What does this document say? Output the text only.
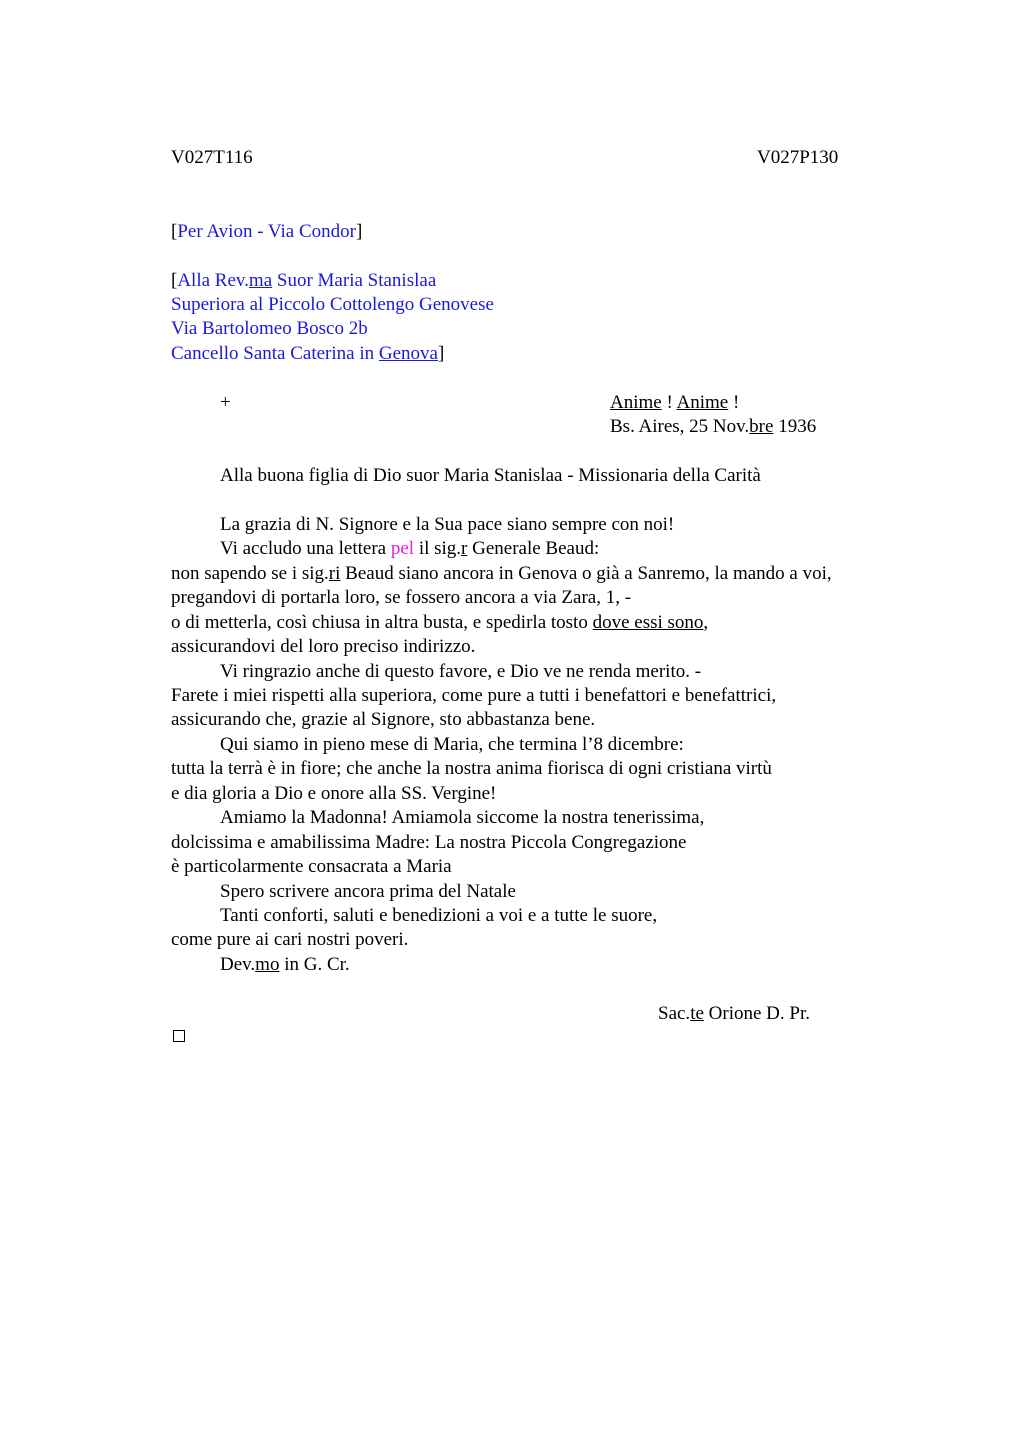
V027T116	V027P130
[Per Avion - Via Condor]
[Alla Rev.ma Suor Maria Stanislaa
Superiora al Piccolo Cottolengo Genovese
Via Bartolomeo Bosco 2b
Cancello Santa Caterina in Genova]
+	Anime ! Anime !
Bs. Aires, 25 Nov.bre 1936
Alla buona figlia di Dio suor Maria Stanislaa - Missionaria della Carità
La grazia di N. Signore e la Sua pace siano sempre con noi!
Vi accludo una lettera pel il sig.r Generale Beaud:
non sapendo se i sig.ri Beaud siano ancora in Genova o già a Sanremo, la mando a voi,
pregandovi di portarla loro, se fossero ancora a via Zara, 1, -
o di metterla, così chiusa in altra busta, e spedirla tosto dove essi sono,
assicurandovi del loro preciso indirizzo.
Vi ringrazio anche di questo favore, e Dio ve ne renda merito. -
Farete i miei rispetti alla superiora, come pure a tutti i benefattori e benefattrici,
assicurando che, grazie al Signore, sto abbastanza bene.
Qui siamo in pieno mese di Maria, che termina l’8 dicembre:
tutta la terrà è in fiore; che anche la nostra anima fiorisca di ogni cristiana virtù
e dia gloria a Dio e onore alla SS. Vergine!
Amiamo la Madonna! Amiamola siccome la nostra tenerissima,
dolcissima e amabilissima Madre: La nostra Piccola Congregazione
è particolarmente consacrata a Maria
Spero scrivere ancora prima del Natale
Tanti conforti, saluti e benedizioni a voi e a tutte le suore,
come pure ai cari nostri poveri.
Dev.mo in G. Cr.
Sac.te Orione D. Pr.
